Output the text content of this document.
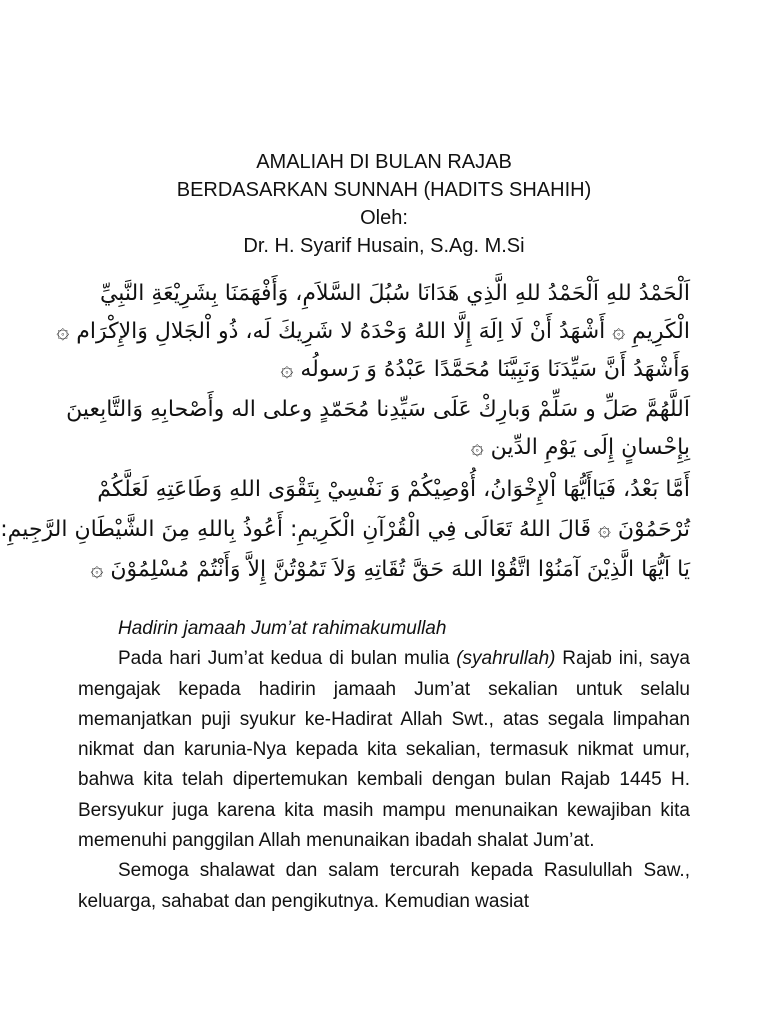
AMALIAH DI BULAN RAJAB
BERDASARKAN SUNNAH (HADITS SHAHIH)
Oleh:
Dr. H. Syarif Husain, S.Ag. M.Si
اَلْحَمْدُ للهِ اَلْحَمْدُ للهِ الَّذِي هَدَانَا سُبُلَ السَّلاَمِ، وَأَفْهَمَنَا بِشَرِيْعَةِ النَّبِيِّ
الْكَرِيمِ ۞ أَشْهَدُ أَنْ لَا اِلَهَ إِلَّا اللهُ وَحْدَهُ لا شَرِيكَ لَه، ذُو اْلجَلالِ وَالإِكْرَام ۞
وَأَشْهَدُ أَنَّ سَيِّدَنَا وَنَبِيَّنَا مُحَمَّدًا عَبْدُهُ وَ رَسولُه ۞
اَللَّهُمَّ صَلِّ و سَلِّمْ وَبارِكْ عَلَى سَيِّدِنا مُحَمّدٍ وعلى اله وأَصْحابِهِ وَالتَّابِعينَ
بِإِحْسانٍ إِلَى يَوْمِ الدِّين ۞
أَمَّا بَعْدُ، فَيَاأَيُّهَا اْلإِخْوَانُ، أُوْصِيْكُمْ وَ نَفْسِيْ بِتَقْوَى اللهِ وَطَاعَتِهِ لَعَلَّكُمْ
تُرْحَمُوْنَ ۞ قَالَ اللهُ تَعَالَى فِي الْقُرْآنِ الْكَرِيمِ: أَعُوذُ بِاللهِ مِنَ الشَّيْطَانِ الرَّجِيمِ:
يَا اَيُّهَا الَّذِيْنَ آمَنُوْا اتَّقُوْا اللهَ حَقَّ تُقَاتِهِ وَلاَ تَمُوْتُنَّ إِلاَّ وَأَنْتُمْ مُسْلِمُوْنَ ۞

Hadirin jamaah Jum’at rahimakumullah

Pada hari Jum’at kedua di bulan mulia (syahrullah) Rajab ini, saya mengajak kepada hadirin jamaah Jum’at sekalian untuk selalu memanjatkan puji syukur ke-Hadirat Allah Swt., atas segala limpahan nikmat dan karunia-Nya kepada kita sekalian, termasuk nikmat umur, bahwa kita telah dipertemukan kembali dengan bulan Rajab 1445 H. Bersyukur juga karena kita masih mampu menunaikan kewajiban kita memenuhi panggilan Allah menunaikan ibadah shalat Jum’at.

Semoga shalawat dan salam tercurah kepada Rasulullah Saw., keluarga, sahabat dan pengikutnya. Kemudian wasiat
